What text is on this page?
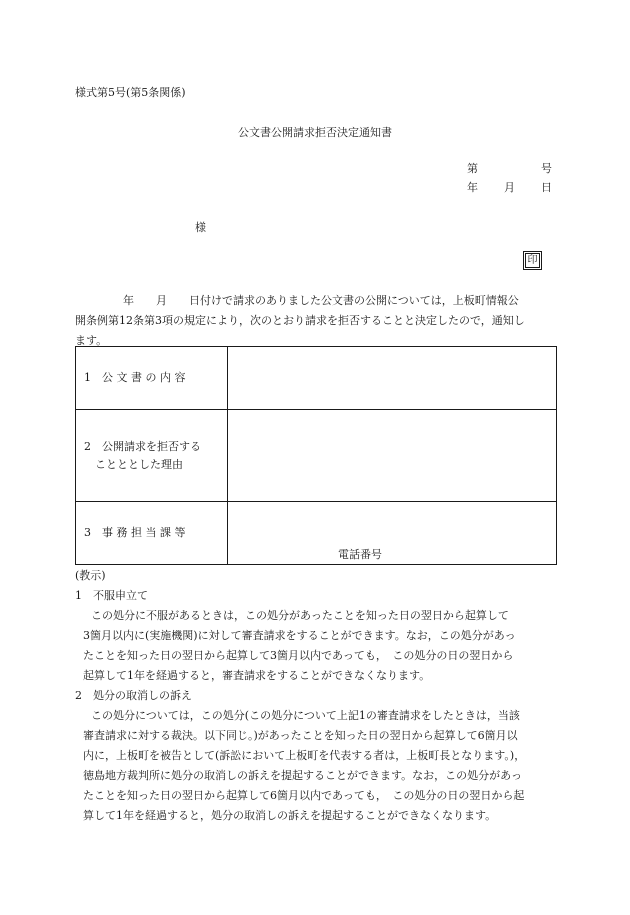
様式第5号(第5条関係)
公文書公開請求拒否決定通知書
第	号
年 月 日
様
印
年 月 日付けで請求のありました公文書の公開については，上板町情報公
開条例第12条第3項の規定により，次のとおり請求を拒否することと決定したので，通知し
ます。
1　公 文 書 の 内 容	

2　公開請求を拒否する
　ことととした理由	

3　事 務 担 当 課 等	電話番号
(教示)
1　不服申立て
この処分に不服があるときは，この処分があったことを知った日の翌日から起算して
3箇月以内に(実施機関)に対して審査請求をすることができます。なお，この処分があっ
たことを知った日の翌日から起算して3箇月以内であっても，　この処分の日の翌日から
起算して1年を経過すると，審査請求をすることができなくなります。
2　処分の取消しの訴え
この処分については，この処分(この処分について上記1の審査請求をしたときは，当該
審査請求に対する裁決。以下同じ。)があったことを知った日の翌日から起算して6箇月以
内に，上板町を被告として(訴訟において上板町を代表する者は，上板町長となります。)，
徳島地方裁判所に処分の取消しの訴えを提起することができます。なお，この処分があっ
たことを知った日の翌日から起算して6箇月以内であっても，　この処分の日の翌日から起
算して1年を経過すると，処分の取消しの訴えを提起することができなくなります。
